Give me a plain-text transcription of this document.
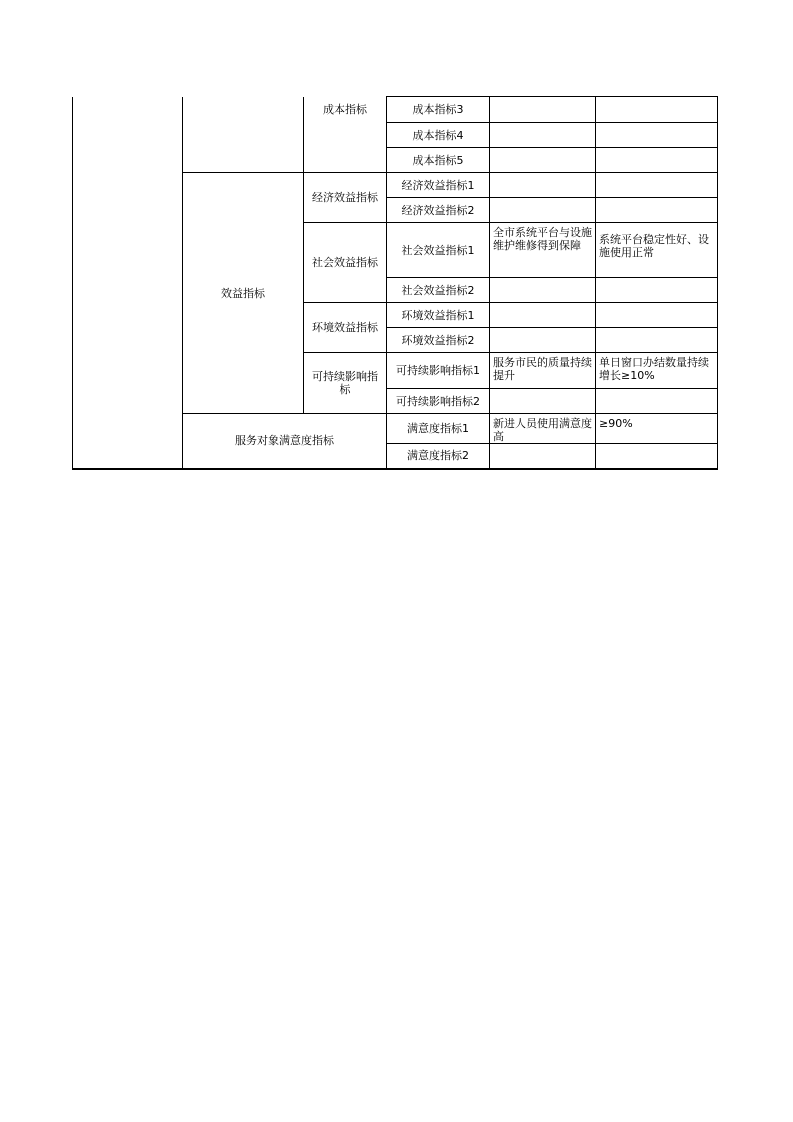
		成本指标	成本指标3		
			成本指标4		
			成本指标5		
	效益指标	经济效益指标	经济效益指标1		
			经济效益指标2		
		社会效益指标	社会效益指标1	全市系统平台与设施维护维修得到保障	系统平台稳定性好、设施使用正常
			社会效益指标2		
		环境效益指标	环境效益指标1		
			环境效益指标2		
		可持续影响指标	可持续影响指标1	服务市民的质量持续提升	单日窗口办结数量持续增长≥10%
			可持续影响指标2		
	服务对象满意度指标		满意度指标1	新进人员使用满意度高	≥90%
			满意度指标2		
